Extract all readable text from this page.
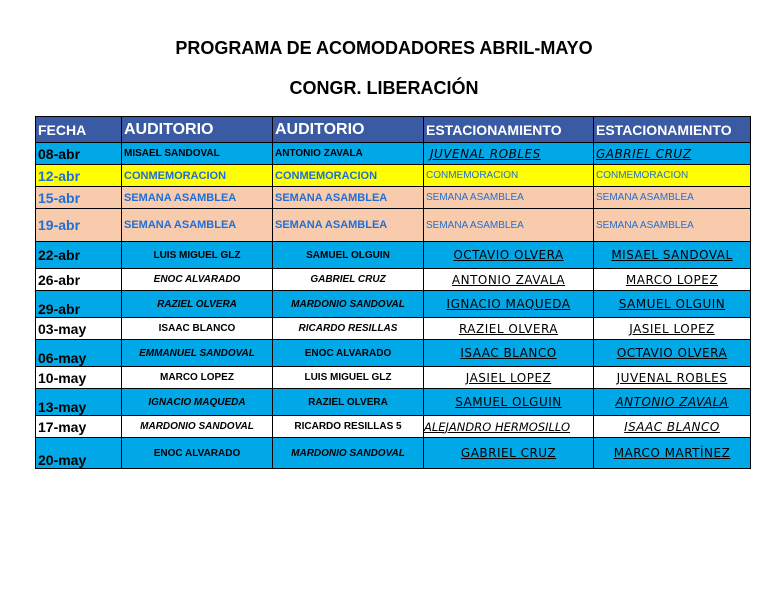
PROGRAMA DE ACOMODADORES ABRIL-MAYO
CONGR. LIBERACIÓN
FECHA	AUDITORIO	AUDITORIO	ESTACIONAMIENTO	ESTACIONAMIENTO
08-abr	MISAEL SANDOVAL	ANTONIO ZAVALA	JUVENAL ROBLES	GABRIEL CRUZ
12-abr	CONMEMORACION	CONMEMORACION	CONMEMORACION	CONMEMORACION
15-abr	SEMANA ASAMBLEA	SEMANA ASAMBLEA	SEMANA ASAMBLEA	SEMANA ASAMBLEA
19-abr	SEMANA ASAMBLEA	SEMANA ASAMBLEA	SEMANA ASAMBLEA	SEMANA ASAMBLEA
22-abr	LUIS MIGUEL GLZ	SAMUEL OLGUIN	OCTAVIO OLVERA	MISAEL SANDOVAL
26-abr	ENOC ALVARADO	GABRIEL CRUZ	ANTONIO ZAVALA	MARCO LOPEZ
29-abr	RAZIEL OLVERA	MARDONIO SANDOVAL	IGNACIO MAQUEDA	SAMUEL OLGUIN
03-may	ISAAC BLANCO	RICARDO RESILLAS	RAZIEL OLVERA	JASIEL LOPEZ
06-may	EMMANUEL SANDOVAL	ENOC ALVARADO	ISAAC BLANCO	OCTAVIO OLVERA
10-may	MARCO LOPEZ	LUIS MIGUEL GLZ	JASIEL LOPEZ	JUVENAL ROBLES
13-may	IGNACIO MAQUEDA	RAZIEL OLVERA	SAMUEL OLGUIN	ANTONIO ZAVALA
17-may	MARDONIO SANDOVAL	RICARDO RESILLAS 5	ALEJANDRO HERMOSILLO	ISAAC BLANCO
20-may	ENOC ALVARADO	MARDONIO SANDOVAL	GABRIEL CRUZ	MARCO MARTÍNEZ
